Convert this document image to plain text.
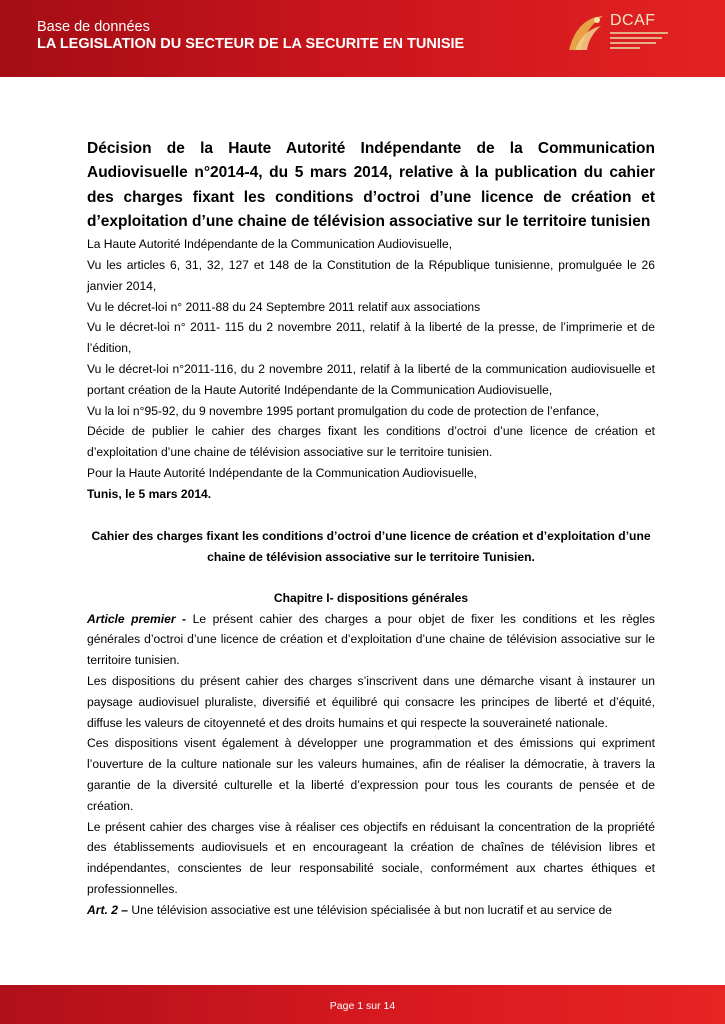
Base de données
LA LEGISLATION DU SECTEUR DE LA SECURITE EN TUNISIE
DCAF

Décision de la Haute Autorité Indépendante de la Communication Audiovisuelle n°2014-4, du 5 mars 2014, relative à la publication du cahier des charges fixant les conditions d’octroi d’une licence de création et d’exploitation d’une chaine de télévision associative sur le territoire tunisien

La Haute Autorité Indépendante de la Communication Audiovisuelle,

Vu les articles 6, 31, 32, 127 et 148 de la Constitution de la République tunisienne, promulguée le 26 janvier 2014,

Vu le décret-loi n° 2011-88 du 24 Septembre 2011 relatif aux associations

Vu le décret-loi n° 2011- 115 du 2 novembre 2011, relatif à la liberté de la presse, de l’imprimerie et de l’édition,

Vu le décret-loi n°2011-116, du 2 novembre 2011, relatif à la liberté de la communication audiovisuelle et portant création de la Haute Autorité Indépendante de la Communication Audiovisuelle,

Vu la loi n°95-92, du 9 novembre 1995 portant promulgation du code de protection de l’enfance,

Décide de publier le cahier des charges fixant les conditions d’octroi d’une licence de création et d’exploitation d’une chaine de télévision associative sur le territoire tunisien.

Pour la Haute Autorité Indépendante de la Communication Audiovisuelle,

Tunis, le 5 mars 2014.

Cahier des charges fixant les conditions d’octroi d’une licence de création et d’exploitation d’une chaine de télévision associative sur le territoire Tunisien.

Chapitre I- dispositions générales

Article premier - Le présent cahier des charges a pour objet de fixer les conditions et les règles générales d’octroi d’une licence de création et d’exploitation d’une chaine de télévision associative sur le territoire tunisien.

Les dispositions du présent cahier des charges s’inscrivent dans une démarche visant à instaurer un paysage audiovisuel pluraliste, diversifié et équilibré qui consacre les principes de liberté et d’équité, diffuse les valeurs de citoyenneté et des droits humains et qui respecte la souveraineté nationale.

Ces dispositions visent également à développer une programmation et des émissions qui expriment l’ouverture de la culture nationale sur les valeurs humaines, afin de réaliser la démocratie, à travers la garantie de la diversité culturelle et la liberté d’expression pour tous les courants de pensée et de création.

Le présent cahier des charges vise à réaliser ces objectifs en réduisant la concentration de la propriété des établissements audiovisuels et en encourageant la création de chaînes de télévision libres et indépendantes, conscientes de leur responsabilité sociale, conformément aux chartes éthiques et professionnelles.

Art. 2 – Une télévision associative est une télévision spécialisée à but non lucratif et au service de

Page 1 sur 14
